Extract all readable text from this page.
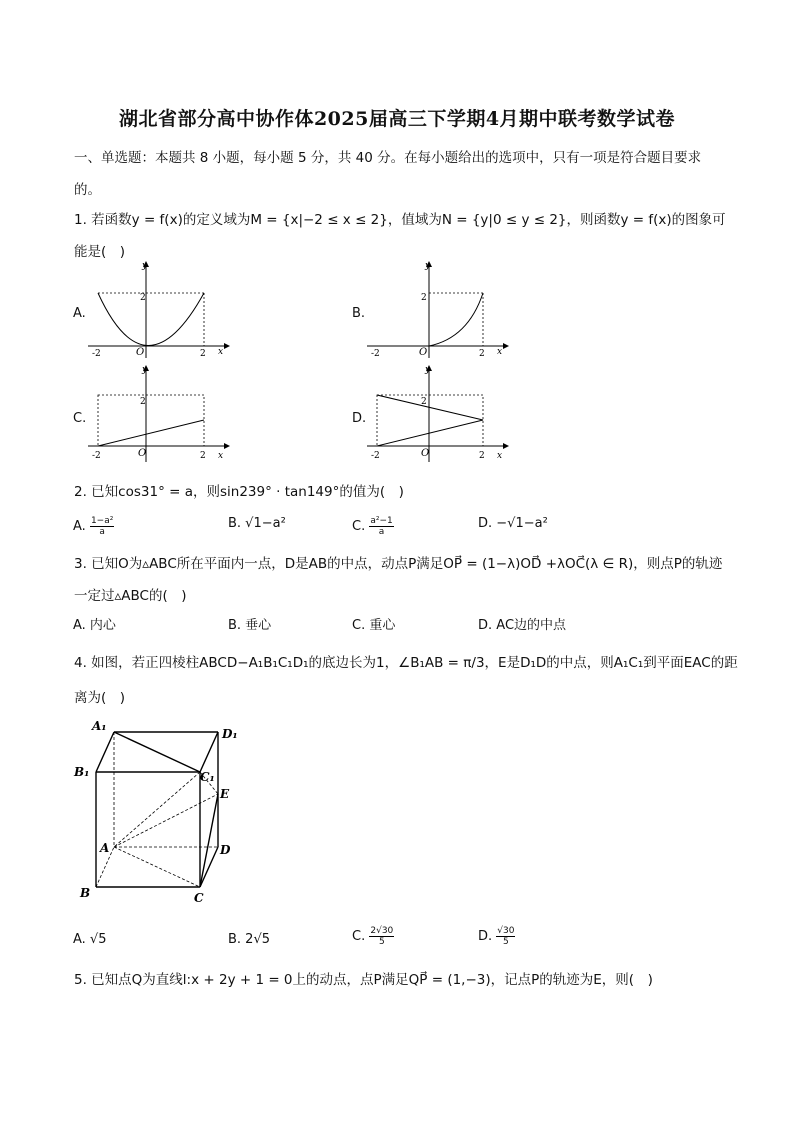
湖北省部分高中协作体2025届高三下学期4月期中联考数学试卷
一、单选题：本题共 8 小题，每小题 5 分，共 40 分。在每小题给出的选项中，只有一项是符合题目要求
的。
1. 若函数y = f(x)的定义域为M = {x|−2 ≤ x ≤ 2}，值域为N = {y|0 ≤ y ≤ 2}，则函数y = f(x)的图象可
能是(　)
A.	B.
C.	D.
y
x
O
-2	2
2
y
x
O
-2	2
2
y
x
O
-2	2
2
y
x
O
-2	2
2
2. 已知cos31° = a，则sin239° · tan149°的值为(　)
A. $\frac{\text{1−a²}}{a}$	B. √1−a²	C. $\frac{\text{a²−1}}{a}$	D. −√1−a²
3. 已知O为▵ABC所在平面内一点，D是AB的中点，动点P满足OP⃗ = (1−λ)OD⃗ +λOC⃗(λ ∈ R)，则点P的轨迹
一定过▵ABC的(　)
A. 内心	B. 垂心	C. 重心	D. AC边的中点
4. 如图，若正四棱柱ABCD−A₁B₁C₁D₁的底边长为1，∠B₁AB = π/3，E是D₁D的中点，则A₁C₁到平面EAC的距
离为(　)
A₁
D₁
B₁	C₁
E
A	D
B	C
A. √5	B. 2√5	C. $\frac{2√30}{5}$	D. $\frac{√30}{5}$
5. 已知点Q为直线l:x + 2y + 1 = 0上的动点，点P满足QP⃗ = (1,−3)，记点P的轨迹为E，则(　)
